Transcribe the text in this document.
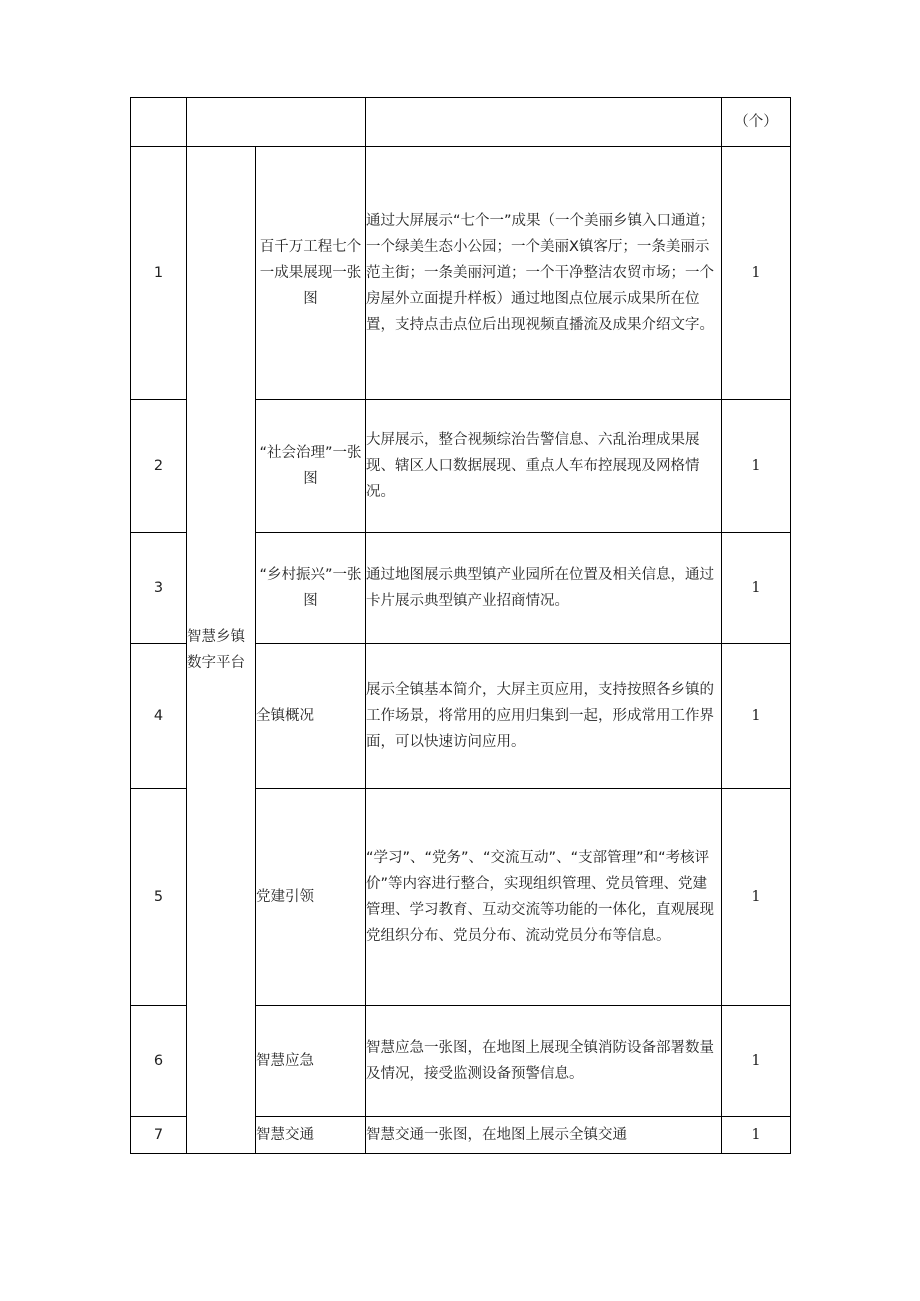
				（个）
1	智慧乡镇数字平台	百千万工程七个一成果展现一张图	通过大屏展示“七个一”成果（一个美丽乡镇入口通道；一个绿美生态小公园；一个美丽X镇客厅；一条美丽示范主街；一条美丽河道；一个干净整洁农贸市场；一个房屋外立面提升样板）通过地图点位展示成果所在位置，支持点击点位后出现视频直播流及成果介绍文字。	1
2		“社会治理”一张图	大屏展示，整合视频综治告警信息、六乱治理成果展现、辖区人口数据展现、重点人车布控展现及网格情况。	1
3		“乡村振兴”一张图	通过地图展示典型镇产业园所在位置及相关信息，通过卡片展示典型镇产业招商情况。	1
4		全镇概况	展示全镇基本简介，大屏主页应用，支持按照各乡镇的工作场景，将常用的应用归集到一起，形成常用工作界面，可以快速访问应用。	1
5		党建引领	“学习”、“党务”、“交流互动”、“支部管理”和“考核评价”等内容进行整合，实现组织管理、党员管理、党建管理、学习教育、互动交流等功能的一体化，直观展现党组织分布、党员分布、流动党员分布等信息。	1
6		智慧应急	智慧应急一张图，在地图上展现全镇消防设备部署数量及情况，接受监测设备预警信息。	1
7		智慧交通	智慧交通一张图，在地图上展示全镇交通	1
